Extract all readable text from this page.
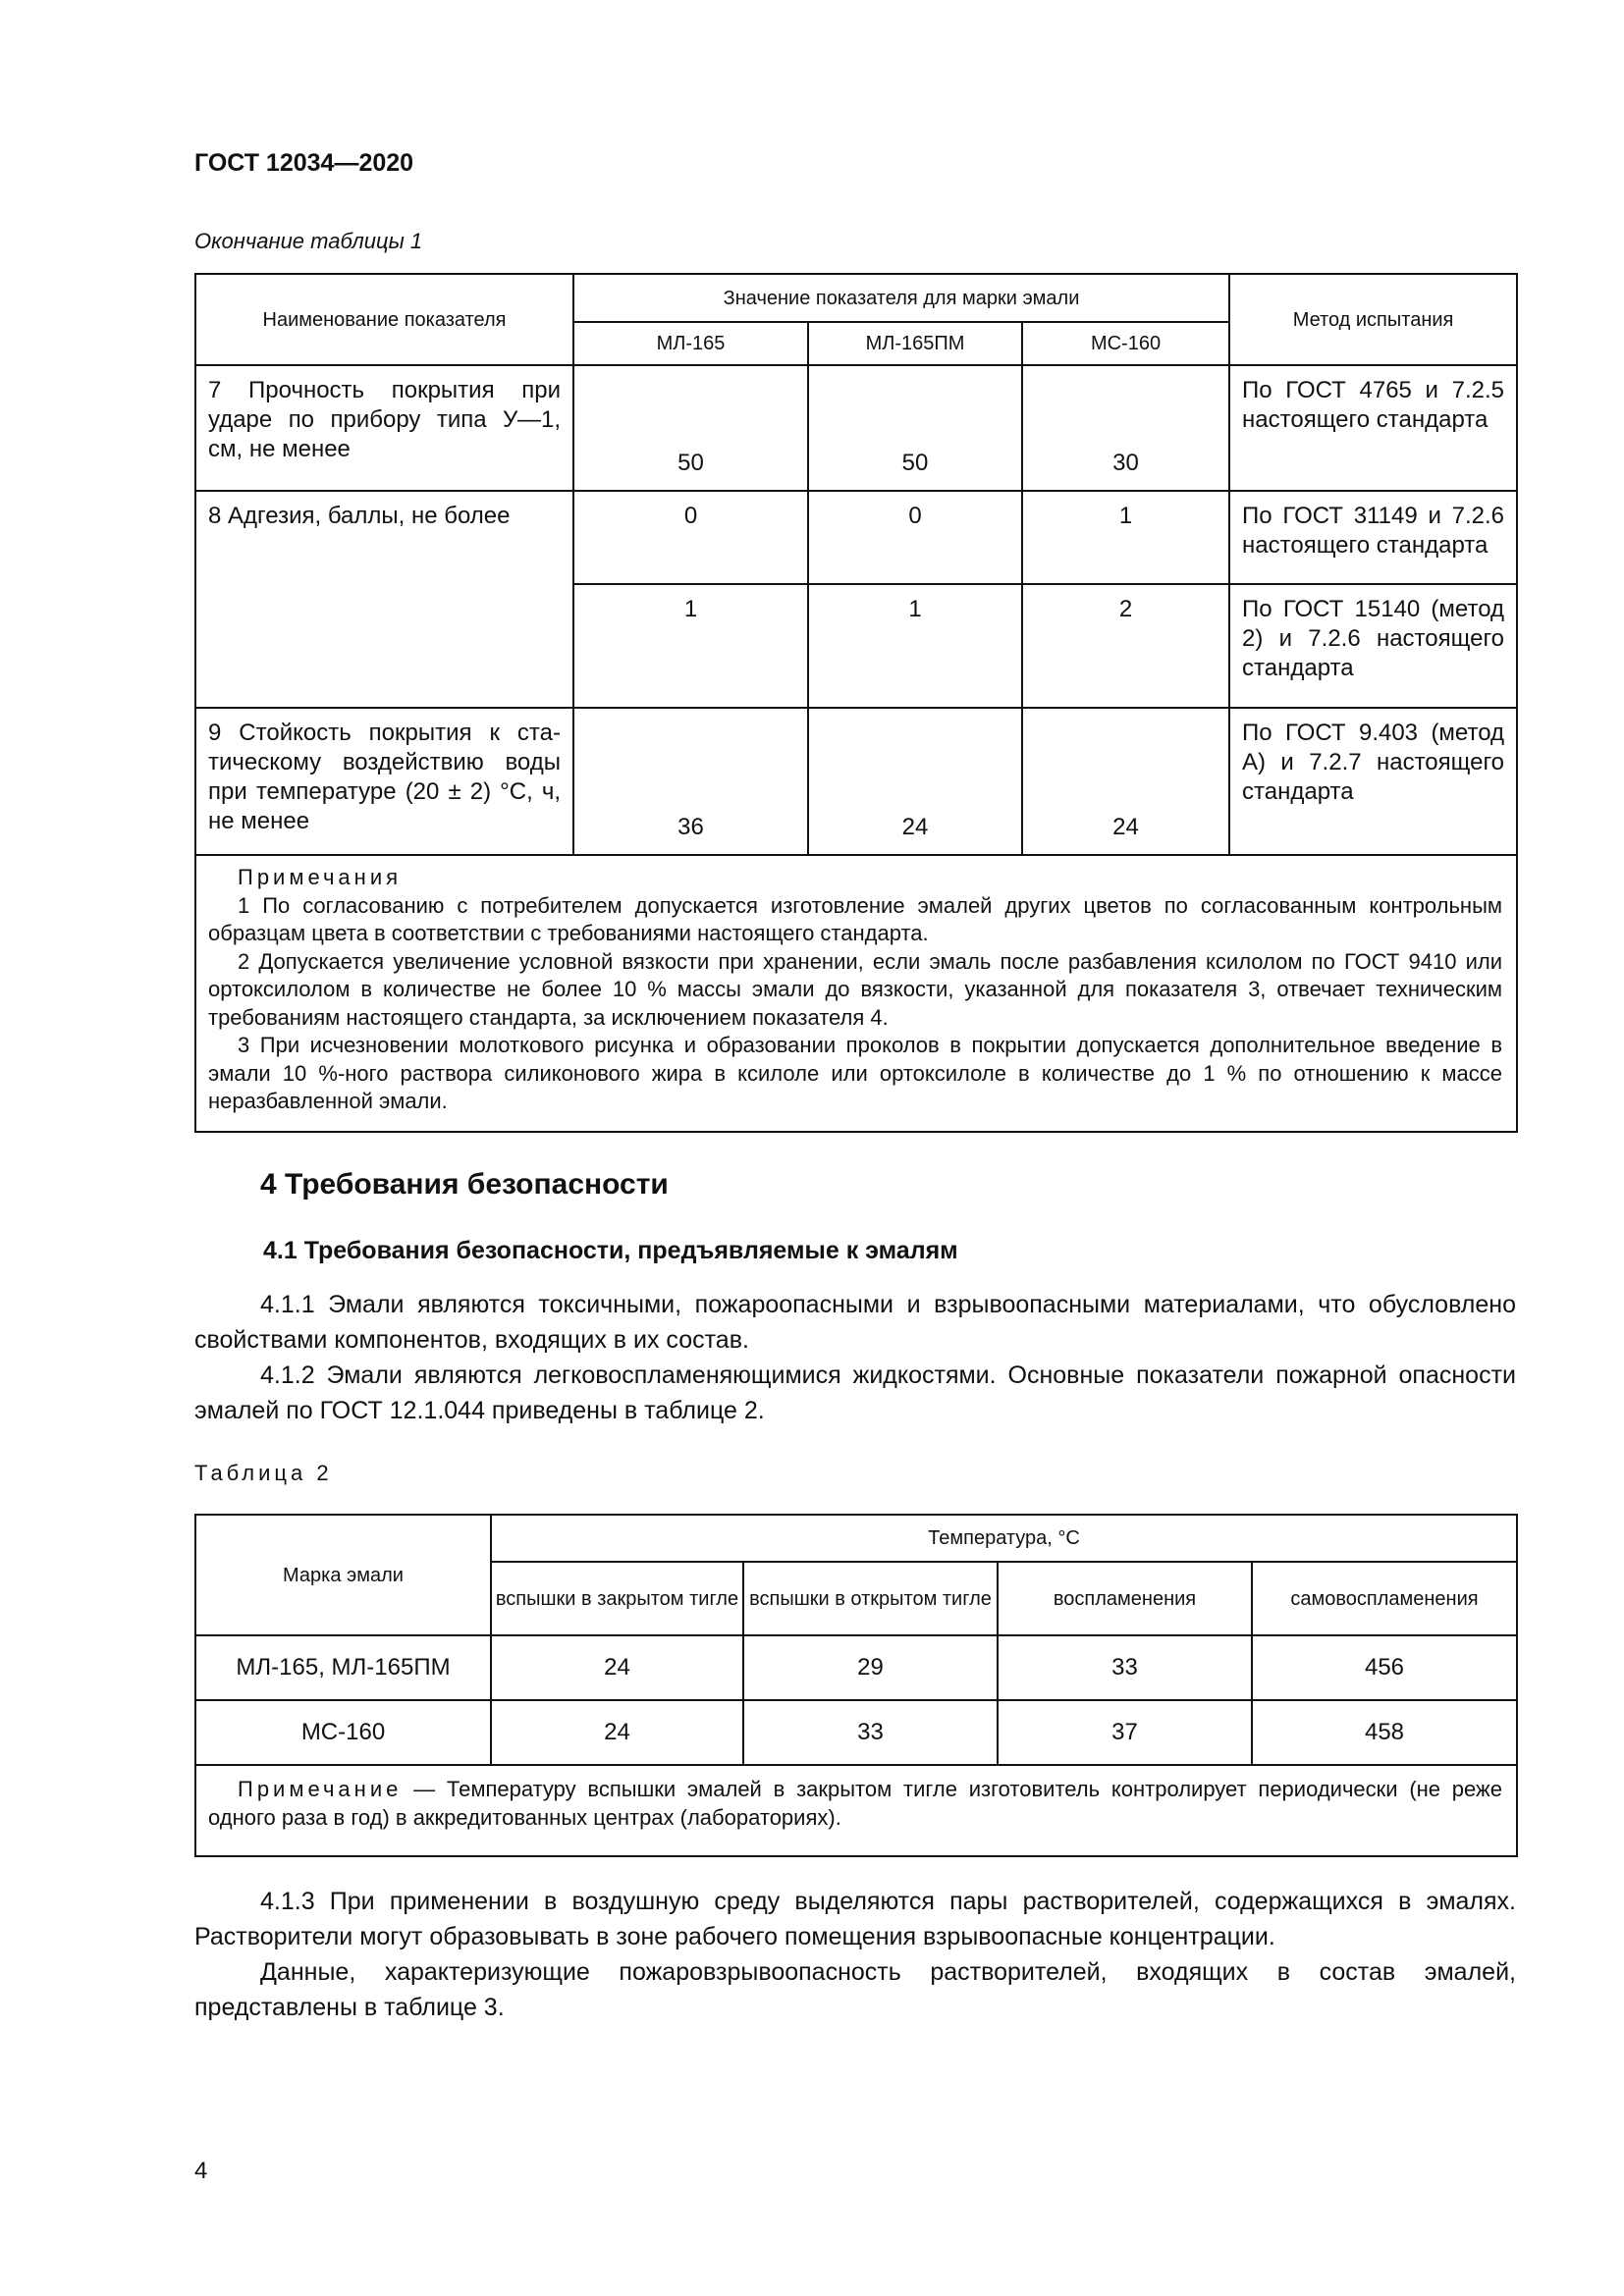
ГОСТ 12034—2020
Окончание таблицы 1
Наименование показателя	Значение показателя для марки эмали			Метод испытания
	МЛ-165	МЛ-165ПМ	МС-160	
7 Прочность покрытия при ударе по прибору типа У—1, см, не менее	50	50	30	По ГОСТ 4765 и 7.2.5 настоящего стандарта
8 Адгезия, баллы, не более	0	0	1	По ГОСТ 31149 и 7.2.6 настоящего стандарта
	1	1	2	По ГОСТ 15140 (метод 2) и 7.2.6 настоящего стандарта
9 Стойкость покрытия к статическому воздействию воды при температуре (20 ± 2) °С, ч, не менее	36	24	24	По ГОСТ 9.403 (метод А) и 7.2.7 настоящего стандарта

Примечания

1 По согласованию с потребителем допускается изготовление эмалей других цветов по согласованным контрольным образцам цвета в соответствии с требованиями настоящего стандарта.

2 Допускается увеличение условной вязкости при хранении, если эмаль после разбавления ксилолом по ГОСТ 9410 или ортоксилолом в количестве не более 10 % массы эмали до вязкости, указанной для показателя 3, отвечает техническим требованиям настоящего стандарта, за исключением показателя 4.

3 При исчезновении молоткового рисунка и образовании проколов в покрытии допускается дополнительное введение в эмали 10 %-ного раствора силиконового жира в ксилоле или ортоксилоле в количестве до 1 % по отношению к массе неразбавленной эмали.				

4 Требования безопасности
4.1 Требования безопасности, предъявляемые к эмалям

4.1.1 Эмали являются токсичными, пожароопасными и взрывоопасными материалами, что обусловлено свойствами компонентов, входящих в их состав.

4.1.2 Эмали являются легковоспламеняющимися жидкостями. Основные показатели пожарной опасности эмалей по ГОСТ 12.1.044 приведены в таблице 2.

Таблица 2
Марка эмали	Температура, °С			
	вспышки в закрытом тигле	вспышки в открытом тигле	воспламенения	самовоспламенения
МЛ-165, МЛ-165ПМ	24	29	33	456
МС-160	24	33	37	458

Примечание — Температуру вспышки эмалей в закрытом тигле изготовитель контролирует периодически (не реже одного раза в год) в аккредитованных центрах (лабораториях).				

4.1.3 При применении в воздушную среду выделяются пары растворителей, содержащихся в эмалях. Растворители могут образовывать в зоне рабочего помещения взрывоопасные концентрации.

Данные, характеризующие пожаровзрывоопасность растворителей, входящих в состав эмалей, представлены в таблице 3.

4
